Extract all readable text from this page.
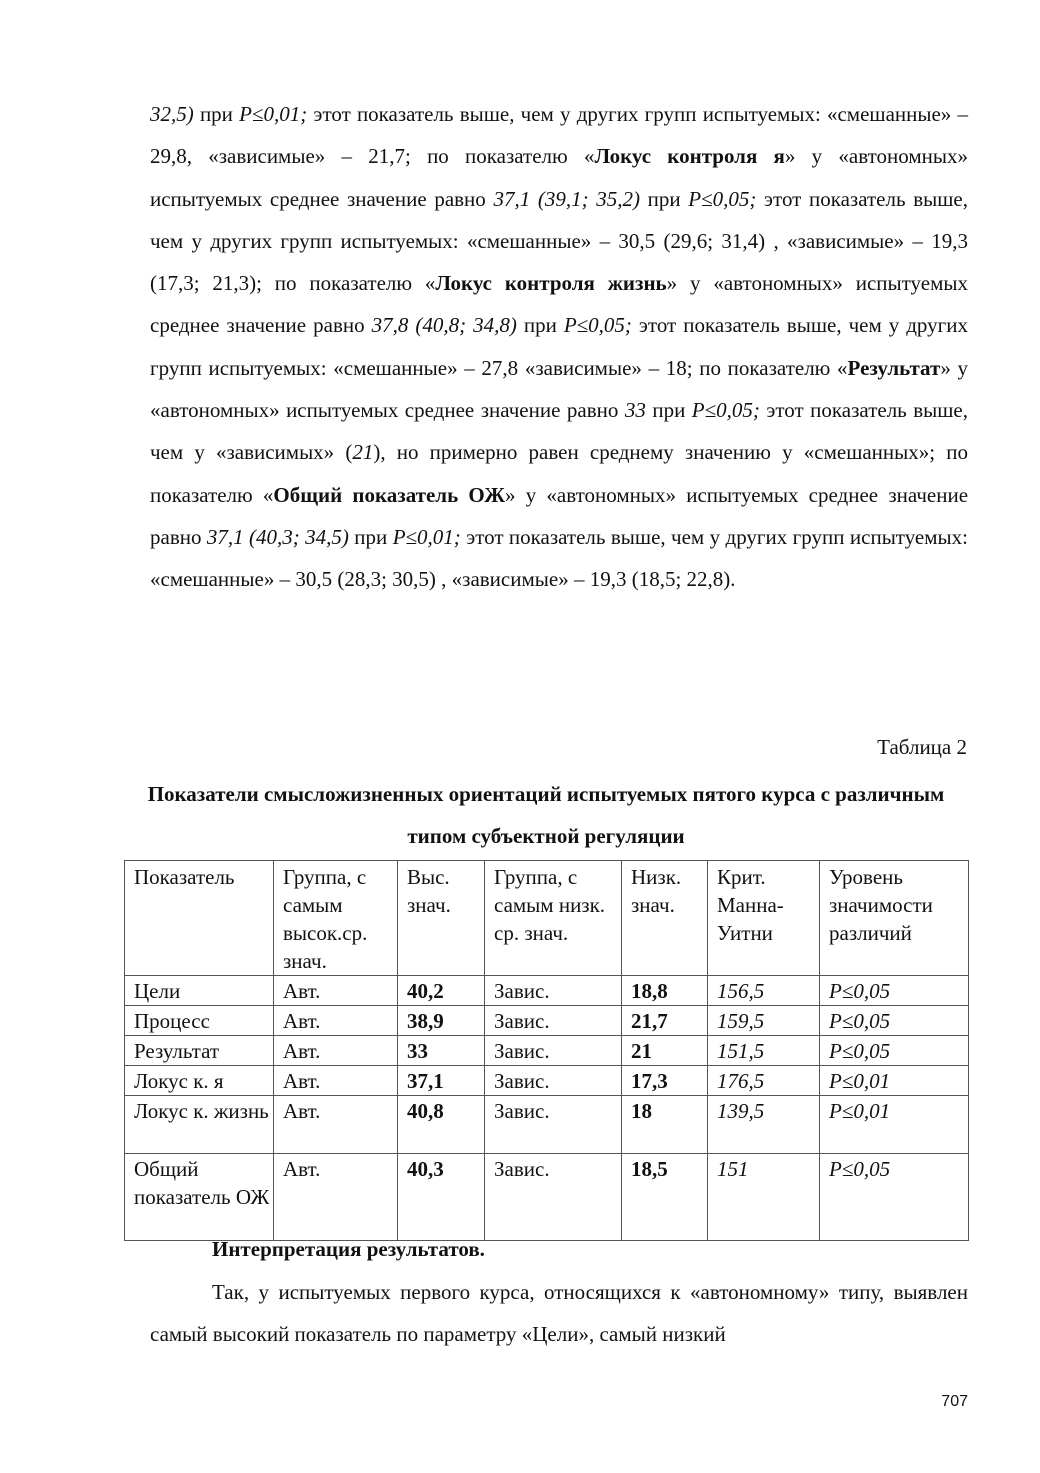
32,5) при P≤0,01; этот показатель выше, чем у других групп испытуемых: «смешанные» – 29,8, «зависимые» – 21,7; по показателю «Локус контроля я» у «автономных» испытуемых среднее значение равно 37,1 (39,1; 35,2) при P≤0,05; этот показатель выше, чем у других групп испытуемых: «смешанные» – 30,5 (29,6; 31,4) , «зависимые» – 19,3 (17,3; 21,3); по показателю «Локус контроля жизнь» у «автономных» испытуемых среднее значение равно 37,8 (40,8; 34,8) при P≤0,05; этот показатель выше, чем у других групп испытуемых: «смешанные» – 27,8 «зависимые» – 18; по показателю «Результат» у «автономных» испытуемых среднее значение равно 33 при P≤0,05; этот показатель выше, чем у «зависимых» (21), но примерно равен среднему значению у «смешанных»; по показателю «Общий показатель ОЖ» у «автономных» испытуемых среднее значение равно 37,1 (40,3; 34,5) при P≤0,01; этот показатель выше, чем у других групп испытуемых: «смешанные» – 30,5 (28,3; 30,5) , «зависимые» – 19,3 (18,5; 22,8).
Таблица 2
Показатели смысложизненных ориентаций испытуемых пятого курса с различным типом субъектной регуляции
Показатель	Группа, с самым высок.ср. знач.	Выс. знач.	Группа, с самым низк. ср. знач.	Низк. знач.	Крит. Манна-Уитни	Уровень значимости различий
Цели	Авт.	40,2	Завис.	18,8	156,5	P≤0,05
Процесс	Авт.	38,9	Завис.	21,7	159,5	P≤0,05
Результат	Авт.	33	Завис.	21	151,5	P≤0,05
Локус к. я	Авт.	37,1	Завис.	17,3	176,5	P≤0,01
Локус к. жизнь	Авт.	40,8	Завис.	18	139,5	P≤0,01
Общий показатель ОЖ	Авт.	40,3	Завис.	18,5	151	P≤0,05
Интерпретация результатов.
Так, у испытуемых первого курса, относящихся к «автономному» типу, выявлен самый высокий показатель по параметру «Цели», самый низкий
707
